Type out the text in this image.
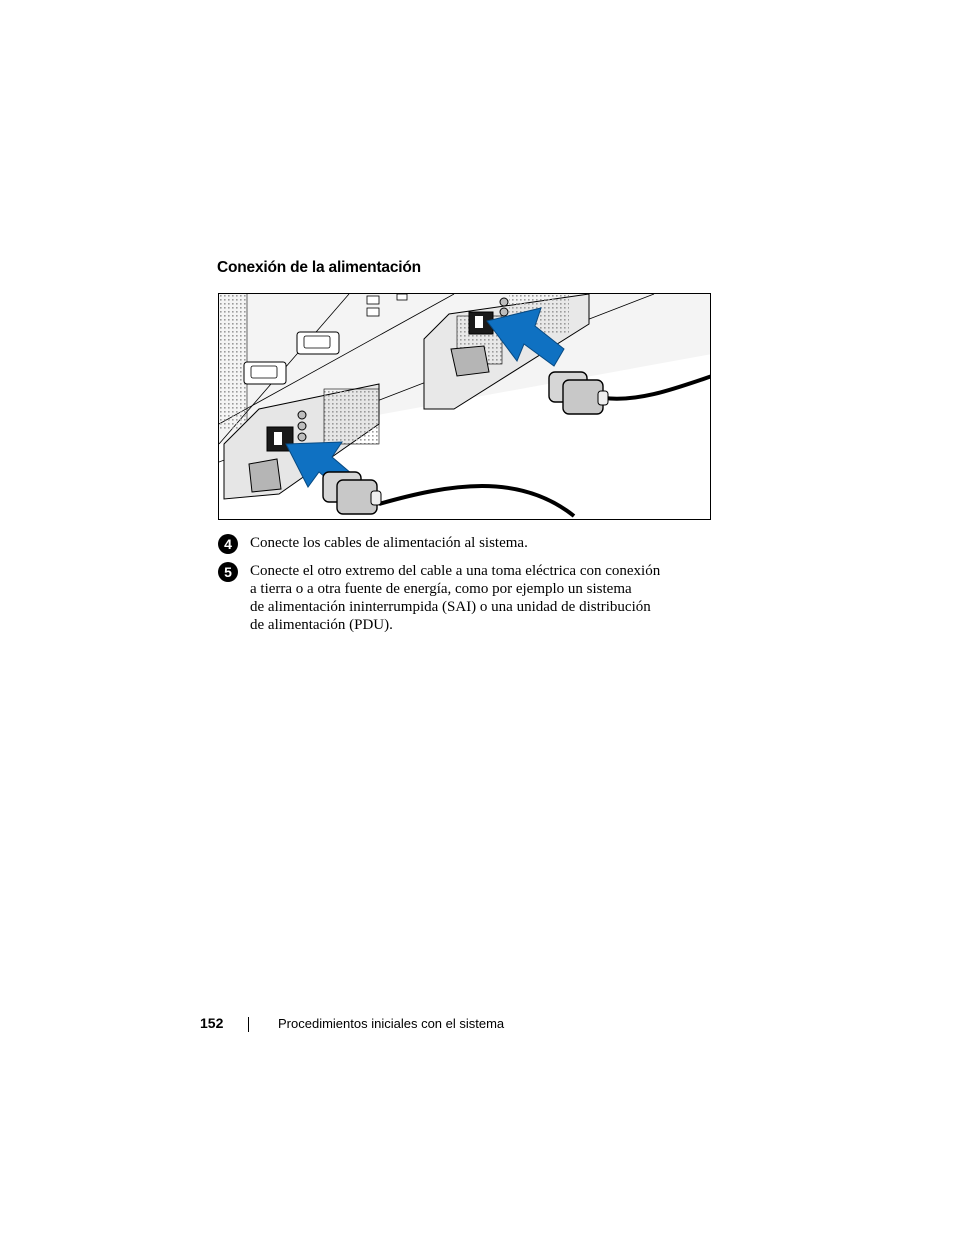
Conexión de la alimentación
4	Conecte los cables de alimentación al sistema.
5	Conecte el otro extremo del cable a una toma eléctrica con conexión
a tierra o a otra fuente de energía, como por ejemplo un sistema
de alimentación ininterrumpida (SAI) o una unidad de distribución
de alimentación (PDU).
152	Procedimientos iniciales con el sistema
